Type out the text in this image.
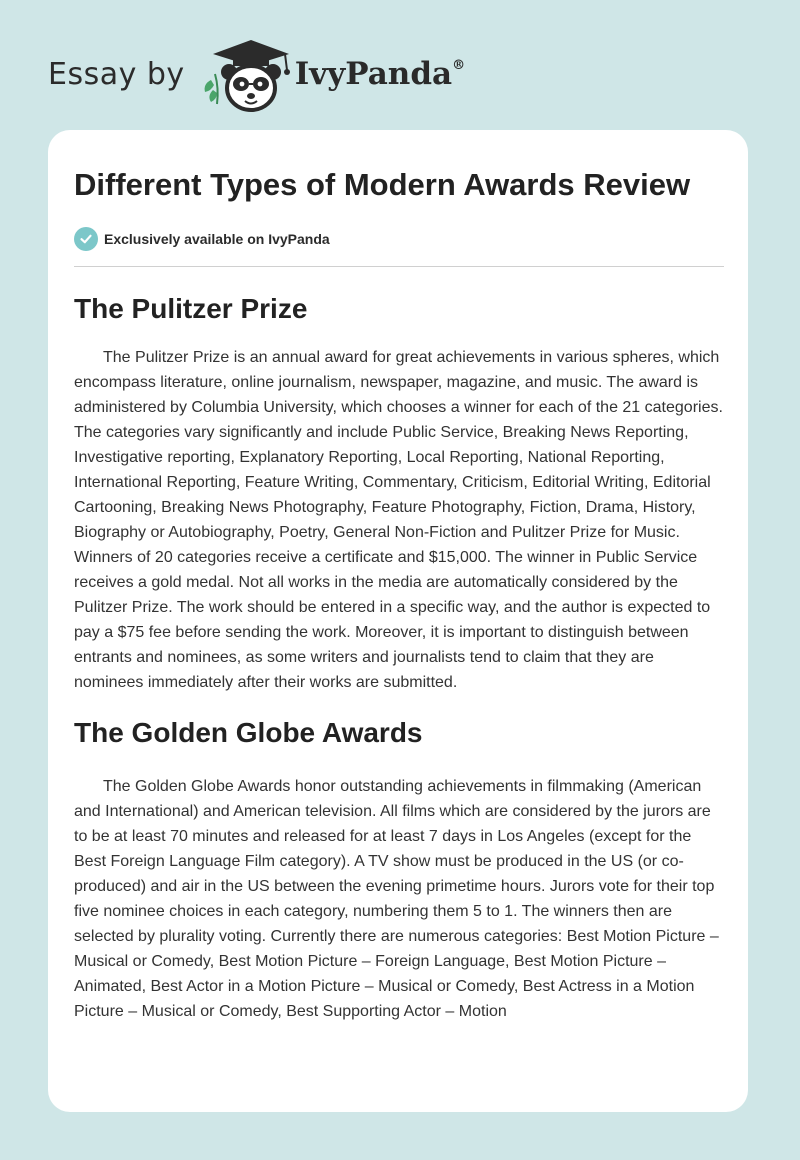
Essay by	IvyPanda®
Different Types of Modern Awards Review
Exclusively available on IvyPanda
The Pulitzer Prize

The Pulitzer Prize is an annual award for great achievements in various spheres, which encompass literature, online journalism, newspaper, magazine, and music. The award is administered by Columbia University, which chooses a winner for each of the 21 categories. The categories vary significantly and include Public Service, Breaking News Reporting, Investigative reporting, Explanatory Reporting, Local Reporting, National Reporting, International Reporting, Feature Writing, Commentary, Criticism, Editorial Writing, Editorial Cartooning, Breaking News Photography, Feature Photography, Fiction, Drama, History, Biography or Autobiography, Poetry, General Non-Fiction and Pulitzer Prize for Music. Winners of 20 categories receive a certificate and $15,000. The winner in Public Service receives a gold medal. Not all works in the media are automatically considered by the Pulitzer Prize. The work should be entered in a specific way, and the author is expected to pay a $75 fee before sending the work. Moreover, it is important to distinguish between entrants and nominees, as some writers and journalists tend to claim that they are nominees immediately after their works are submitted.

The Golden Globe Awards

The Golden Globe Awards honor outstanding achievements in filmmaking (American and International) and American television. All films which are considered by the jurors are to be at least 70 minutes and released for at least 7 days in Los Angeles (except for the Best Foreign Language Film category). A TV show must be produced in the US (or co-produced) and air in the US between the evening primetime hours. Jurors vote for their top five nominee choices in each category, numbering them 5 to 1. The winners then are selected by plurality voting. Currently there are numerous categories: Best Motion Picture – Musical or Comedy, Best Motion Picture – Foreign Language, Best Motion Picture – Animated, Best Actor in a Motion Picture – Musical or Comedy, Best Actress in a Motion Picture – Musical or Comedy, Best Supporting Actor – Motion
